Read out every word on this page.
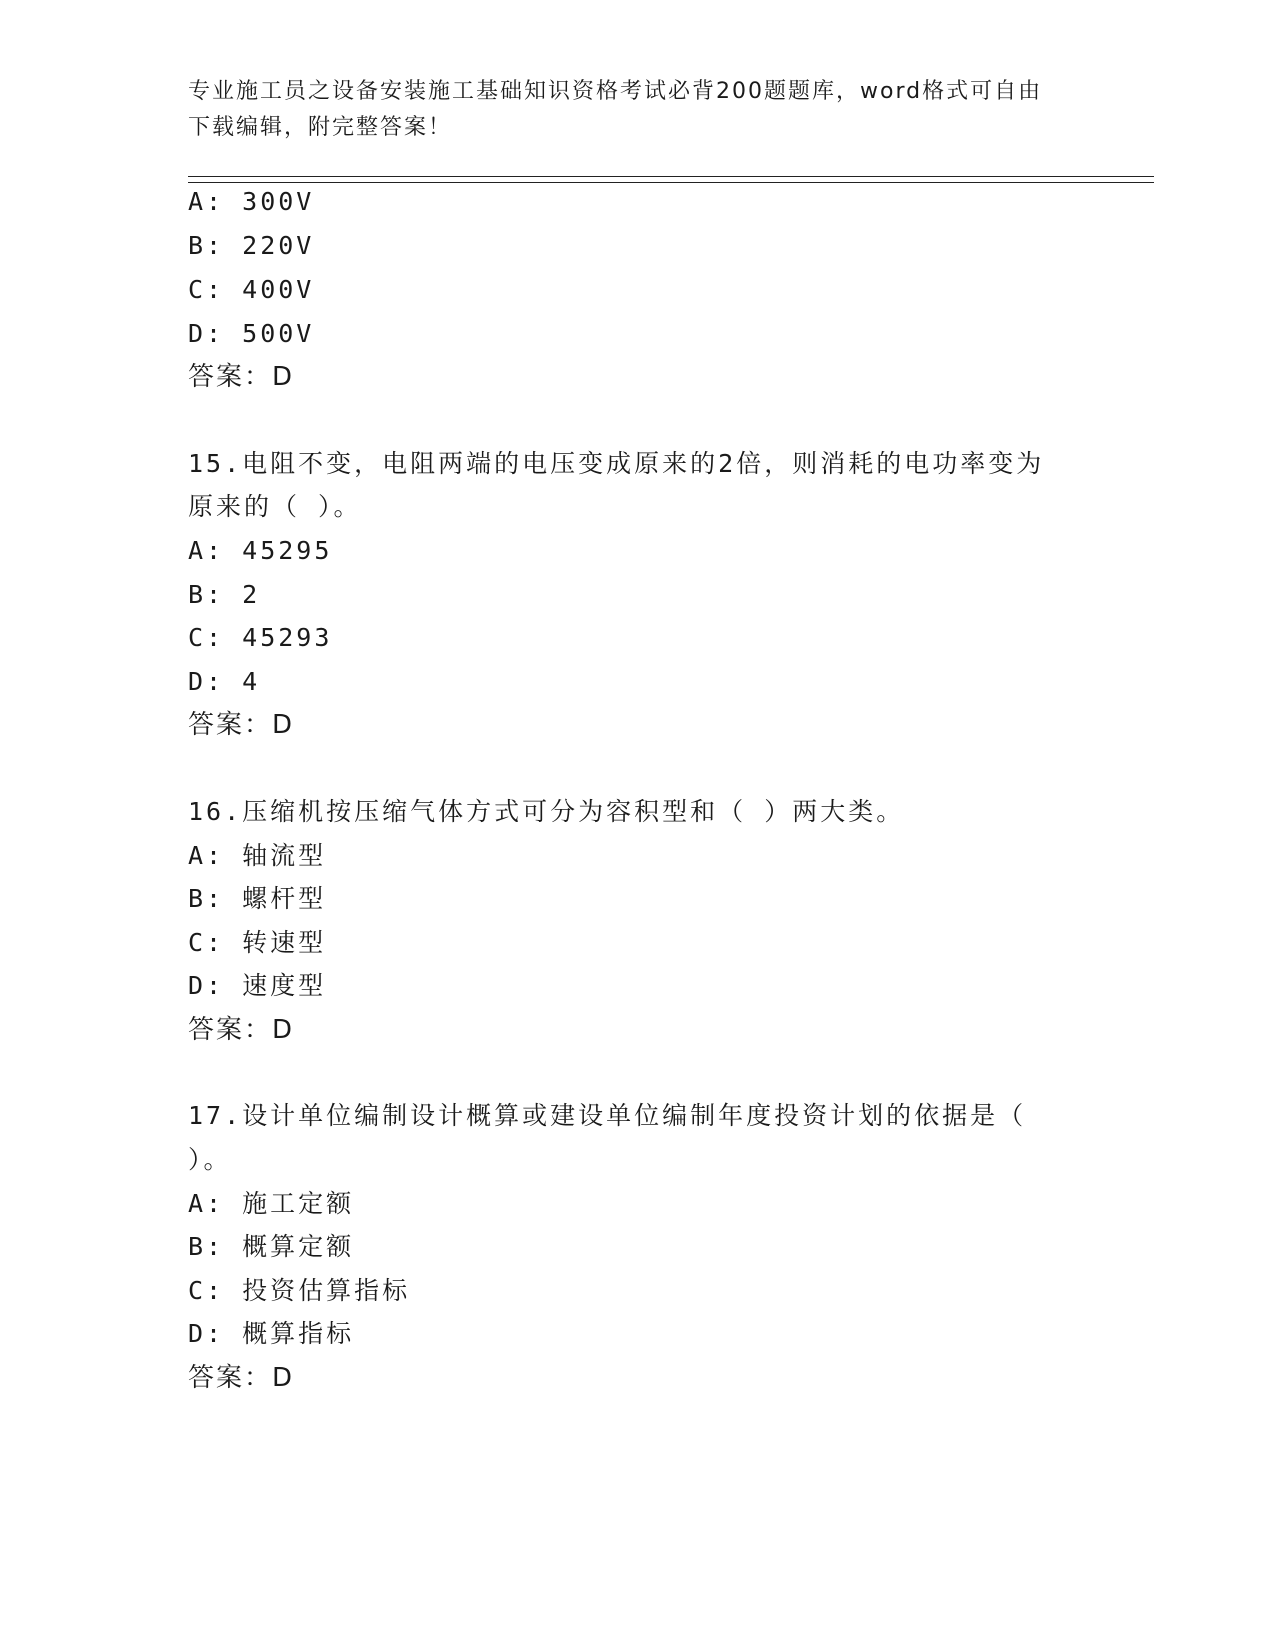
专业施工员之设备安装施工基础知识资格考试必背200题题库，word格式可自由
下载编辑，附完整答案！
A: 300V
B: 220V
C: 400V
D: 500V
答案：D
15.电阻不变，电阻两端的电压变成原来的2倍，则消耗的电功率变为
原来的（ ）。
A: 45295
B: 2
C: 45293
D: 4
答案：D
16.压缩机按压缩气体方式可分为容积型和（ ）两大类。
A: 轴流型
B: 螺杆型
C: 转速型
D: 速度型
答案：D
17.设计单位编制设计概算或建设单位编制年度投资计划的依据是（
）。
A: 施工定额
B: 概算定额
C: 投资估算指标
D: 概算指标
答案：D
